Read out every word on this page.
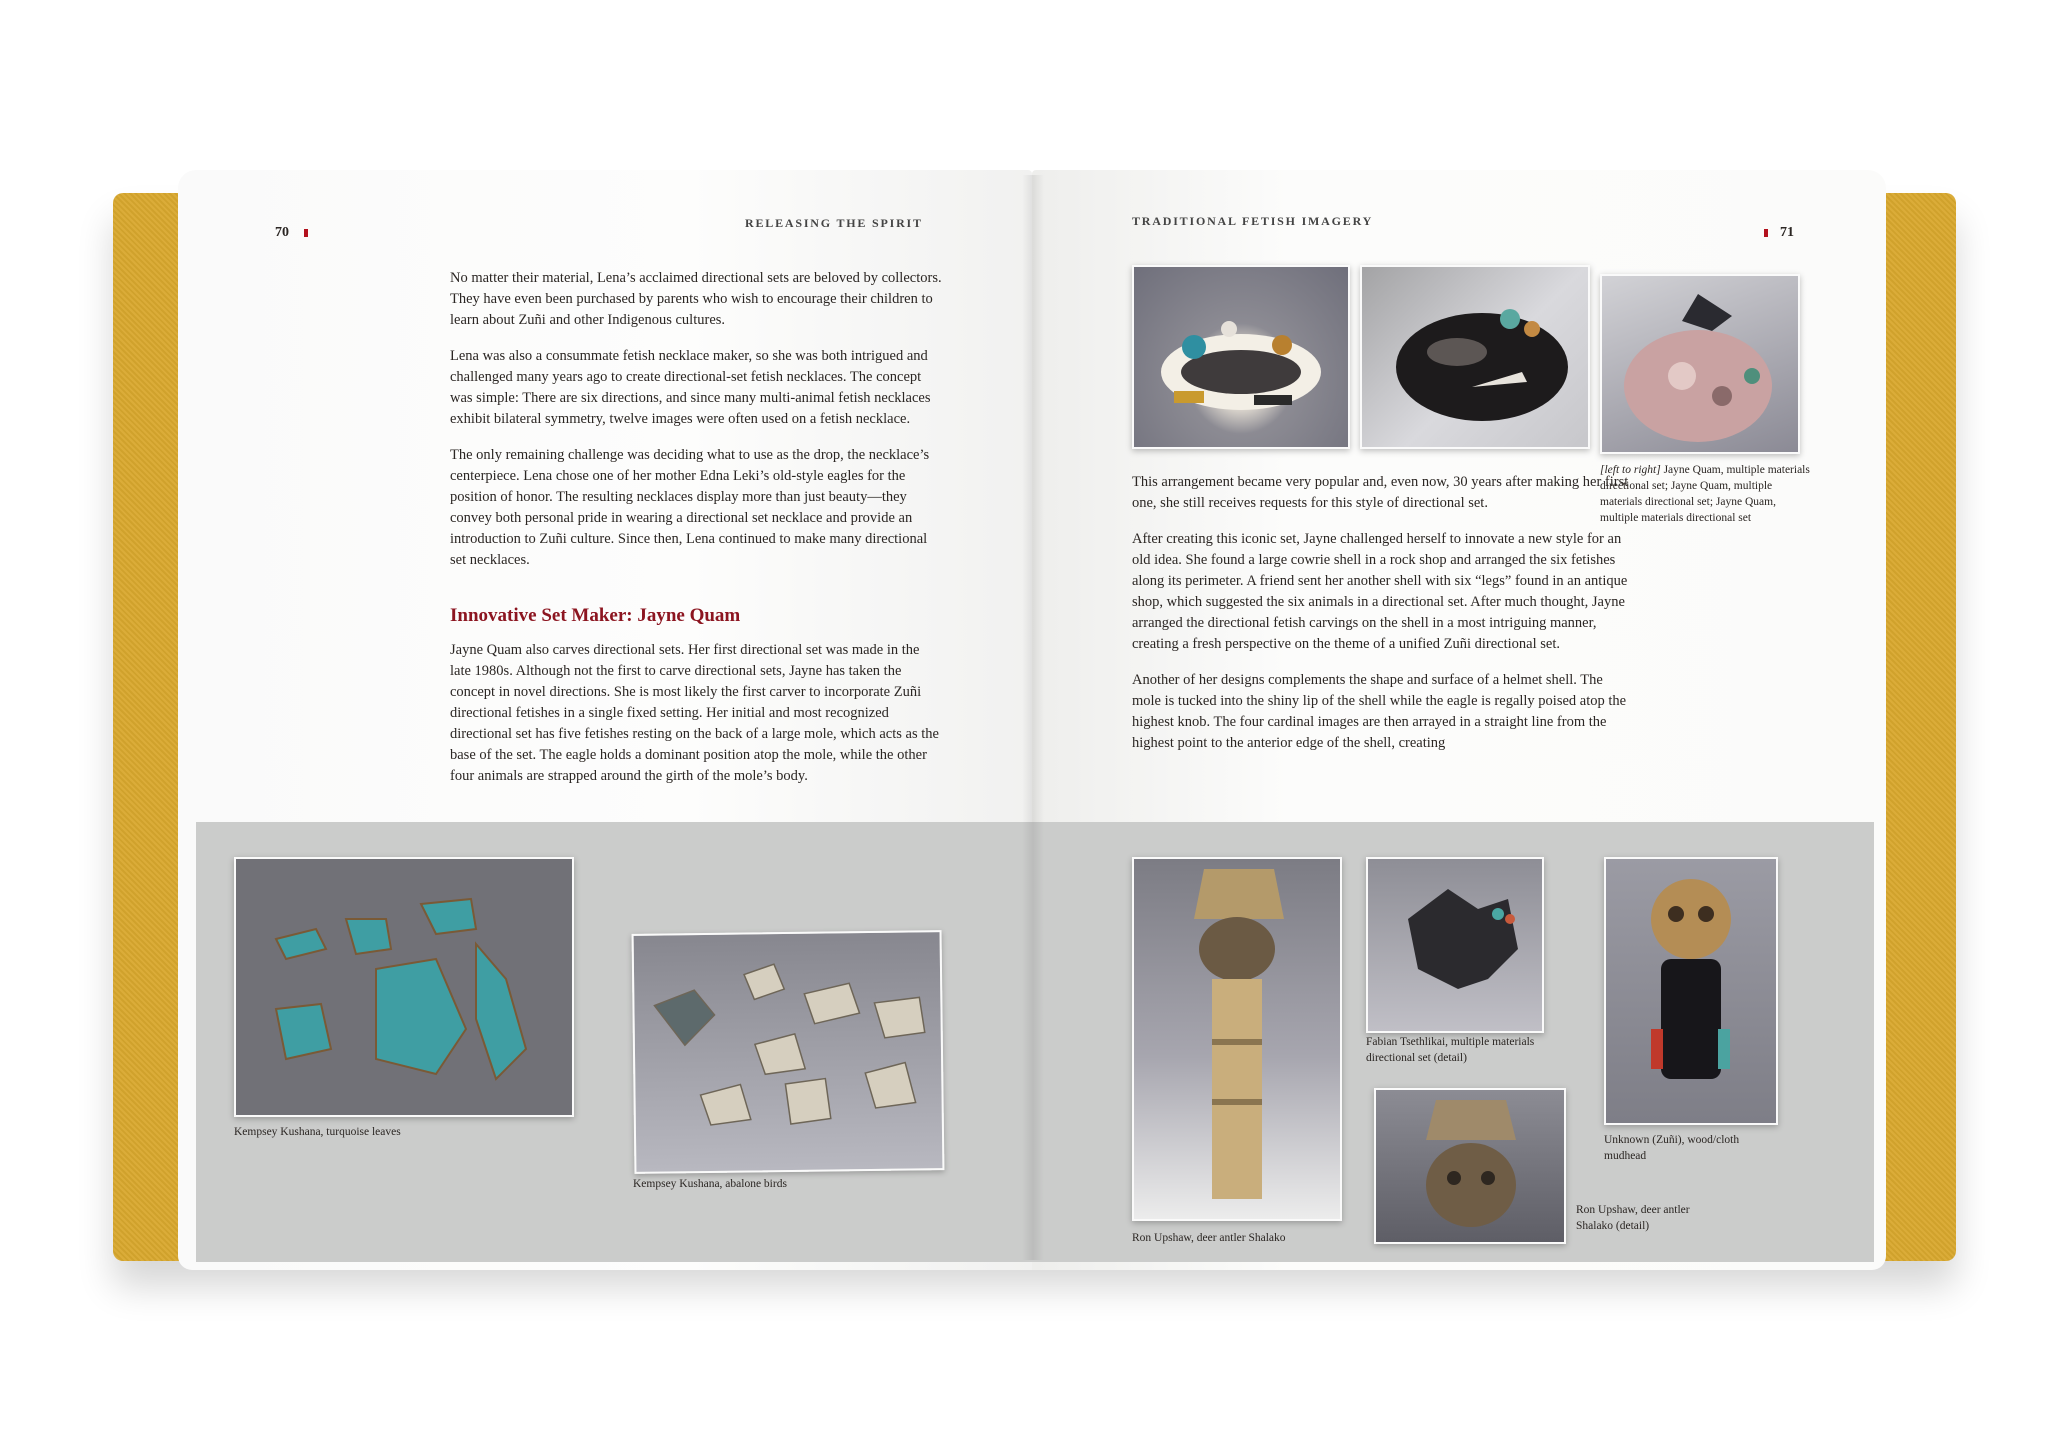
70
RELEASING THE SPIRIT	TRADITIONAL FETISH IMAGERY
71

No matter their material, Lena’s acclaimed directional sets are beloved by collectors. They have even been purchased by parents who wish to encourage their children to learn about Zuñi and other Indigenous cultures.

Lena was also a consummate fetish necklace maker, so she was both intrigued and challenged many years ago to create directional-set fetish necklaces. The concept was simple: There are six directions, and since many multi-animal fetish necklaces exhibit bilateral symmetry, twelve images were often used on a fetish necklace.

The only remaining challenge was deciding what to use as the drop, the necklace’s centerpiece. Lena chose one of her mother Edna Leki’s old-style eagles for the position of honor. The resulting necklaces display more than just beauty—they convey both personal pride in wearing a directional set necklace and provide an introduction to Zuñi culture. Since then, Lena continued to make many directional set necklaces.

Innovative Set Maker: Jayne Quam

Jayne Quam also carves directional sets. Her first directional set was made in the late 1980s. Although not the first to carve directional sets, Jayne has taken the concept in novel directions. She is most likely the first carver to incorporate Zuñi directional fetishes in a single fixed setting. Her initial and most recognized directional set has five fetishes resting on the back of a large mole, which acts as the base of the set. The eagle holds a dominant position atop the mole, while the other four animals are strapped around the girth of the mole’s body.

This arrangement became very popular and, even now, 30 years after making her first one, she still receives requests for this style of directional set.

After creating this iconic set, Jayne challenged herself to innovate a new style for an old idea. She found a large cowrie shell in a rock shop and arranged the six fetishes along its perimeter. A friend sent her another shell with six “legs” found in an antique shop, which suggested the six animals in a directional set. After much thought, Jayne arranged the directional fetish carvings on the shell in a most intriguing manner, creating a fresh perspective on the theme of a unified Zuñi directional set.

Another of her designs complements the shape and surface of a helmet shell. The mole is tucked into the shiny lip of the shell while the eagle is regally poised atop the highest knob. The four cardinal images are then arrayed in a straight line from the highest point to the anterior edge of the shell, creating

[left to right] Jayne Quam, multiple materials directional set; Jayne Quam, multiple materials directional set; Jayne Quam, multiple materials directional set
Kempsey Kushana, turquoise leaves
Kempsey Kushana, abalone birds
Ron Upshaw, deer antler Shalako
Fabian Tsethlikai, multiple materials directional set (detail)
Ron Upshaw, deer antler Shalako (detail)
Unknown (Zuñi), wood/cloth mudhead
